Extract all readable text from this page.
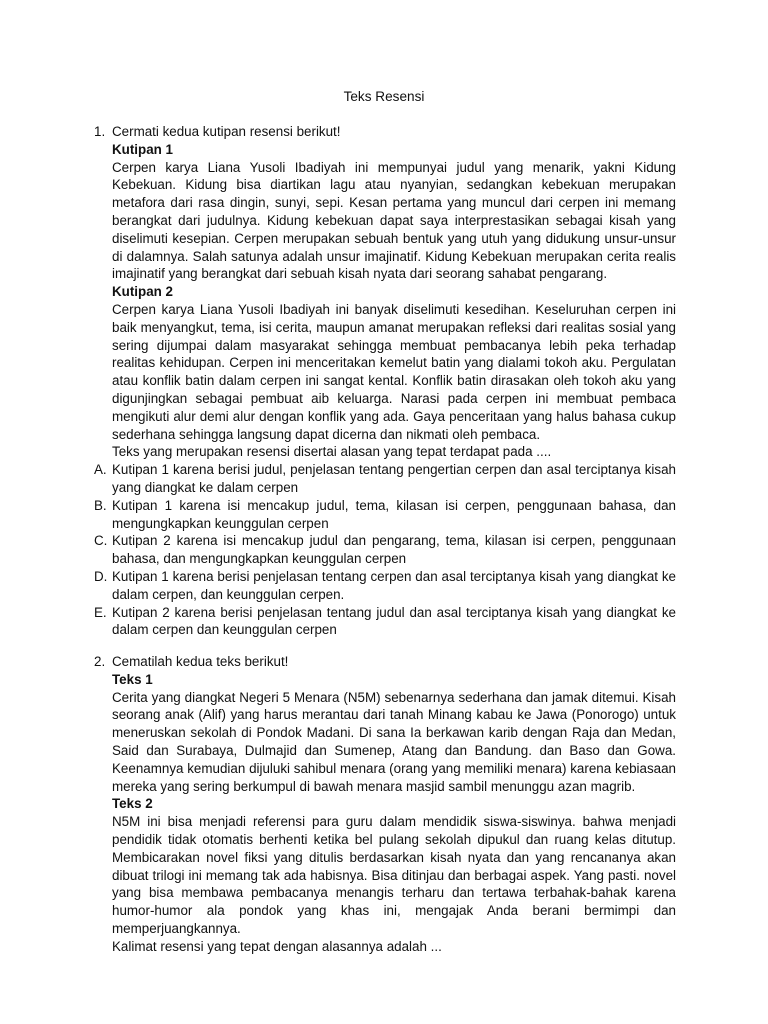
Teks Resensi
1. Cermati kedua kutipan resensi berikut!
Kutipan 1
Cerpen karya Liana Yusoli Ibadiyah ini mempunyai judul yang menarik, yakni Kidung Kebekuan. Kidung bisa diartikan lagu atau nyanyian, sedangkan kebekuan merupakan metafora dari rasa dingin, sunyi, sepi. Kesan pertama yang muncul dari cerpen ini memang berangkat dari judulnya. Kidung kebekuan dapat saya interprestasikan sebagai kisah yang diselimuti kesepian. Cerpen merupakan sebuah bentuk yang utuh yang didukung unsur-unsur di dalamnya. Salah satunya adalah unsur imajinatif. Kidung Kebekuan merupakan cerita realis imajinatif yang berangkat dari sebuah kisah nyata dari seorang sahabat pengarang.
Kutipan 2
Cerpen karya Liana Yusoli Ibadiyah ini banyak diselimuti kesedihan. Keseluruhan cerpen ini baik menyangkut, tema, isi cerita, maupun amanat merupakan refleksi dari realitas sosial yang sering dijumpai dalam masyarakat sehingga membuat pembacanya lebih peka terhadap realitas kehidupan. Cerpen ini menceritakan kemelut batin yang dialami tokoh aku. Pergulatan atau konflik batin dalam cerpen ini sangat kental. Konflik batin dirasakan oleh tokoh aku yang digunjingkan sebagai pembuat aib keluarga. Narasi pada cerpen ini membuat pembaca mengikuti alur demi alur dengan konflik yang ada. Gaya penceritaan yang halus bahasa cukup sederhana sehingga langsung dapat dicerna dan nikmati oleh pembaca.
Teks yang merupakan resensi disertai alasan yang tepat terdapat pada ....
A. Kutipan 1 karena berisi judul, penjelasan tentang pengertian cerpen dan asal terciptanya kisah yang diangkat ke dalam cerpen
B. Kutipan 1 karena isi mencakup judul, tema, kilasan isi cerpen, penggunaan bahasa, dan mengungkapkan keunggulan cerpen
C. Kutipan 2 karena isi mencakup judul dan pengarang, tema, kilasan isi cerpen, penggunaan bahasa, dan mengungkapkan keunggulan cerpen
D. Kutipan 1 karena berisi penjelasan tentang cerpen dan asal terciptanya kisah yang diangkat ke dalam cerpen, dan keunggulan cerpen.
E. Kutipan 2 karena berisi penjelasan tentang judul dan asal terciptanya kisah yang diangkat ke dalam cerpen dan keunggulan cerpen
2. Cematilah kedua teks berikut!
Teks 1
Cerita yang diangkat Negeri 5 Menara (N5M) sebenarnya sederhana dan jamak ditemui. Kisah seorang anak (Alif) yang harus merantau dari tanah Minang kabau ke Jawa (Ponorogo) untuk meneruskan sekolah di Pondok Madani. Di sana Ia berkawan karib dengan Raja dan Medan, Said dan Surabaya, Dulmajid dan Sumenep, Atang dan Bandung. dan Baso dan Gowa. Keenamnya kemudian dijuluki sahibul menara (orang yang memiliki menara) karena kebiasaan mereka yang sering berkumpul di bawah menara masjid sambil menunggu azan magrib.
Teks 2
N5M ini bisa menjadi referensi para guru dalam mendidik siswa-siswinya. bahwa menjadi pendidik tidak otomatis berhenti ketika bel pulang sekolah dipukul dan ruang kelas ditutup. Membicarakan novel fiksi yang ditulis berdasarkan kisah nyata dan yang rencananya akan dibuat trilogi ini memang tak ada habisnya. Bisa ditinjau dan berbagai aspek. Yang pasti. novel yang bisa membawa pembacanya menangis terharu dan tertawa terbahak-bahak karena humor-humor ala pondok yang khas ini, mengajak Anda berani bermimpi dan memperjuangkannya.
Kalimat resensi yang tepat dengan alasannya adalah ...
